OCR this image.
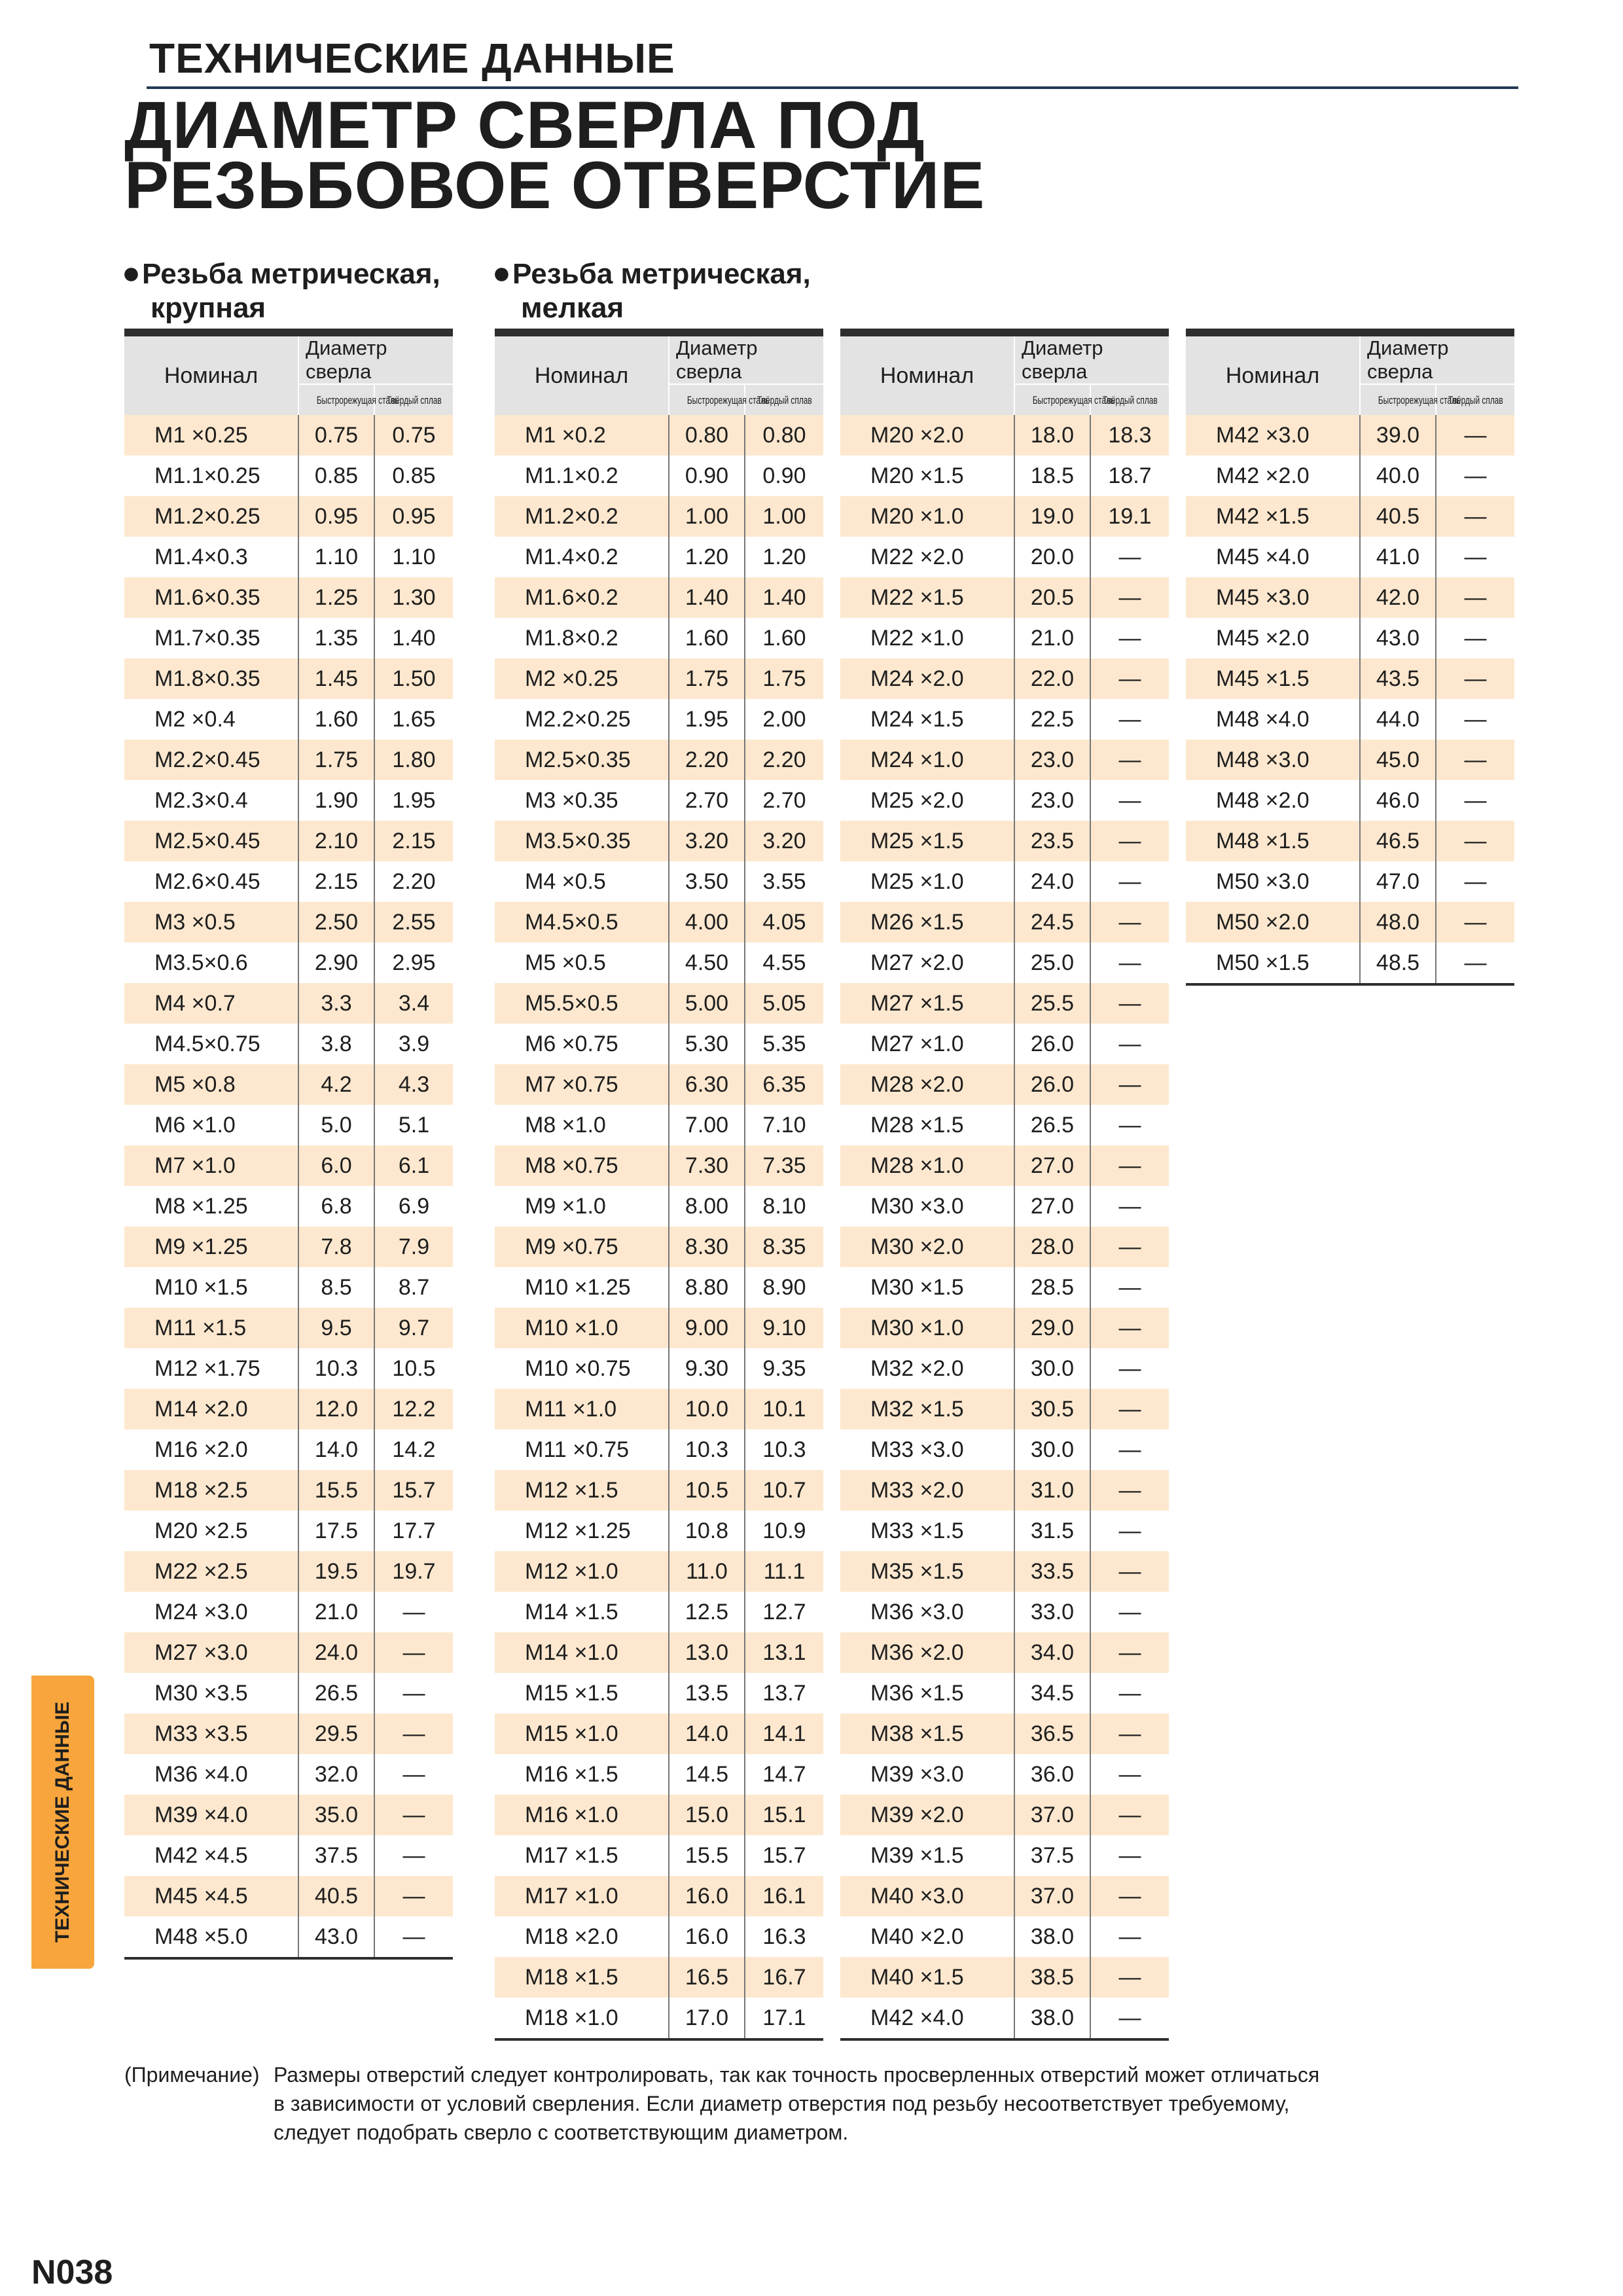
ТЕХНИЧЕСКИЕ ДАННЫЕ
ДИАМЕТР СВЕРЛА ПОД
РЕЗЬБОВОЕ ОТВЕРСТИЕ
●Резьба метрическая,
крупная
●Резьба метрическая,
мелкая
Номинал	Диаметр сверла	
	Быстрорежущая сталь	Твёрдый сплав
M1 ×0.25	0.75	0.75
M1.1×0.25	0.85	0.85
M1.2×0.25	0.95	0.95
M1.4×0.3	1.10	1.10
M1.6×0.35	1.25	1.30
M1.7×0.35	1.35	1.40
M1.8×0.35	1.45	1.50
M2 ×0.4	1.60	1.65
M2.2×0.45	1.75	1.80
M2.3×0.4	1.90	1.95
M2.5×0.45	2.10	2.15
M2.6×0.45	2.15	2.20
M3 ×0.5	2.50	2.55
M3.5×0.6	2.90	2.95
M4 ×0.7	3.3	3.4
M4.5×0.75	3.8	3.9
M5 ×0.8	4.2	4.3
M6 ×1.0	5.0	5.1
M7 ×1.0	6.0	6.1
M8 ×1.25	6.8	6.9
M9 ×1.25	7.8	7.9
M10 ×1.5	8.5	8.7
M11 ×1.5	9.5	9.7
M12 ×1.75	10.3	10.5
M14 ×2.0	12.0	12.2
M16 ×2.0	14.0	14.2
M18 ×2.5	15.5	15.7
M20 ×2.5	17.5	17.7
M22 ×2.5	19.5	19.7
M24 ×3.0	21.0	—
M27 ×3.0	24.0	—
M30 ×3.5	26.5	—
M33 ×3.5	29.5	—
M36 ×4.0	32.0	—
M39 ×4.0	35.0	—
M42 ×4.5	37.5	—
M45 ×4.5	40.5	—
M48 ×5.0	43.0	—
Номинал	Диаметр сверла	
	Быстрорежущая сталь	Твёрдый сплав
M1 ×0.2	0.80	0.80
M1.1×0.2	0.90	0.90
M1.2×0.2	1.00	1.00
M1.4×0.2	1.20	1.20
M1.6×0.2	1.40	1.40
M1.8×0.2	1.60	1.60
M2 ×0.25	1.75	1.75
M2.2×0.25	1.95	2.00
M2.5×0.35	2.20	2.20
M3 ×0.35	2.70	2.70
M3.5×0.35	3.20	3.20
M4 ×0.5	3.50	3.55
M4.5×0.5	4.00	4.05
M5 ×0.5	4.50	4.55
M5.5×0.5	5.00	5.05
M6 ×0.75	5.30	5.35
M7 ×0.75	6.30	6.35
M8 ×1.0	7.00	7.10
M8 ×0.75	7.30	7.35
M9 ×1.0	8.00	8.10
M9 ×0.75	8.30	8.35
M10 ×1.25	8.80	8.90
M10 ×1.0	9.00	9.10
M10 ×0.75	9.30	9.35
M11 ×1.0	10.0	10.1
M11 ×0.75	10.3	10.3
M12 ×1.5	10.5	10.7
M12 ×1.25	10.8	10.9
M12 ×1.0	11.0	11.1
M14 ×1.5	12.5	12.7
M14 ×1.0	13.0	13.1
M15 ×1.5	13.5	13.7
M15 ×1.0	14.0	14.1
M16 ×1.5	14.5	14.7
M16 ×1.0	15.0	15.1
M17 ×1.5	15.5	15.7
M17 ×1.0	16.0	16.1
M18 ×2.0	16.0	16.3
M18 ×1.5	16.5	16.7
M18 ×1.0	17.0	17.1
Номинал	Диаметр сверла	
	Быстрорежущая сталь	Твёрдый сплав
M20 ×2.0	18.0	18.3
M20 ×1.5	18.5	18.7
M20 ×1.0	19.0	19.1
M22 ×2.0	20.0	—
M22 ×1.5	20.5	—
M22 ×1.0	21.0	—
M24 ×2.0	22.0	—
M24 ×1.5	22.5	—
M24 ×1.0	23.0	—
M25 ×2.0	23.0	—
M25 ×1.5	23.5	—
M25 ×1.0	24.0	—
M26 ×1.5	24.5	—
M27 ×2.0	25.0	—
M27 ×1.5	25.5	—
M27 ×1.0	26.0	—
M28 ×2.0	26.0	—
M28 ×1.5	26.5	—
M28 ×1.0	27.0	—
M30 ×3.0	27.0	—
M30 ×2.0	28.0	—
M30 ×1.5	28.5	—
M30 ×1.0	29.0	—
M32 ×2.0	30.0	—
M32 ×1.5	30.5	—
M33 ×3.0	30.0	—
M33 ×2.0	31.0	—
M33 ×1.5	31.5	—
M35 ×1.5	33.5	—
M36 ×3.0	33.0	—
M36 ×2.0	34.0	—
M36 ×1.5	34.5	—
M38 ×1.5	36.5	—
M39 ×3.0	36.0	—
M39 ×2.0	37.0	—
M39 ×1.5	37.5	—
M40 ×3.0	37.0	—
M40 ×2.0	38.0	—
M40 ×1.5	38.5	—
M42 ×4.0	38.0	—
Номинал	Диаметр сверла	
	Быстрорежущая сталь	Твёрдый сплав
M42 ×3.0	39.0	—
M42 ×2.0	40.0	—
M42 ×1.5	40.5	—
M45 ×4.0	41.0	—
M45 ×3.0	42.0	—
M45 ×2.0	43.0	—
M45 ×1.5	43.5	—
M48 ×4.0	44.0	—
M48 ×3.0	45.0	—
M48 ×2.0	46.0	—
M48 ×1.5	46.5	—
M50 ×3.0	47.0	—
M50 ×2.0	48.0	—
M50 ×1.5	48.5	—
ТЕХНИЧЕСКИЕ ДАННЫЕ
(Примечание) Размеры отверстий следует контролировать, так как точность просверленных отверстий может отличаться
в зависимости от условий сверления. Если диаметр отверстия под резьбу несоответствует требуемому,
следует подобрать сверло с соответствующим диаметром.
N038
